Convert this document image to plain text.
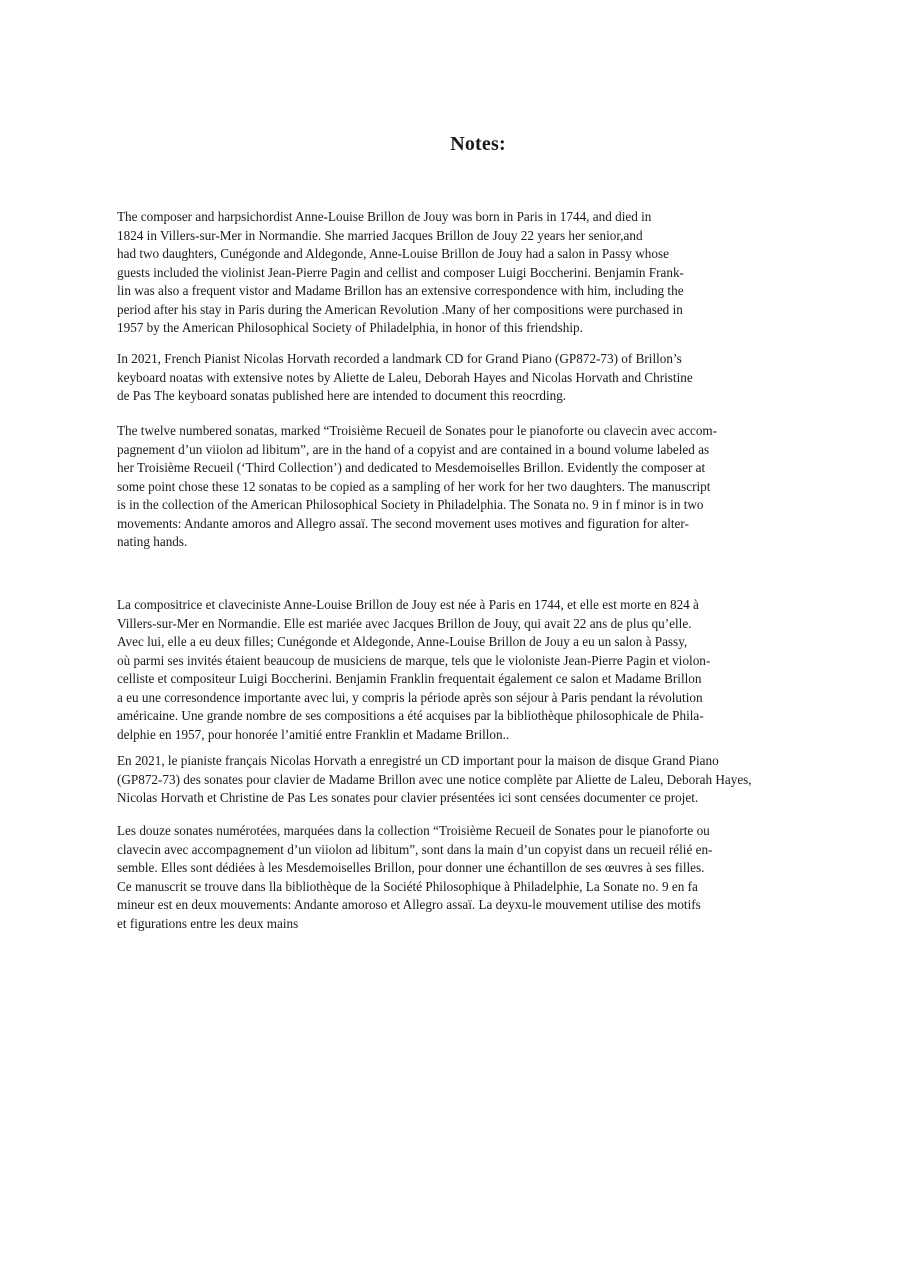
Notes:

The composer and harpsichordist Anne-Louise Brillon de Jouy was born in Paris in 1744, and died in
1824 in Villers-sur-Mer in Normandie. She married Jacques Brillon de Jouy 22 years her senior,and
had two daughters, Cunégonde and Aldegonde, Anne-Louise Brillon de Jouy had a salon in Passy whose
guests included the violinist Jean-Pierre Pagin and cellist and composer Luigi Boccherini. Benjamin Frank-
lin was also a frequent vistor and Madame Brillon has an extensive correspondence with him, including the
period after his stay in Paris during the American Revolution .Many of her compositions were purchased in
1957 by the American Philosophical Society of Philadelphia, in honor of this friendship.

In 2021, French Pianist Nicolas Horvath recorded a landmark CD for Grand Piano (GP872-73) of Brillon’s
keyboard noatas with extensive notes by Aliette de Laleu, Deborah Hayes and Nicolas Horvath and Christine
de Pas The keyboard sonatas published here are intended to document this reocrding.

The twelve numbered sonatas, marked “Troisième Recueil de Sonates pour le pianoforte ou clavecin avec accom-
pagnement d’un viiolon ad libitum”, are in the hand of a copyist and are contained in a bound volume labeled as
her Troisième Recueil (‘Third Collection’) and dedicated to Mesdemoiselles Brillon. Evidently the composer at
some point chose these 12 sonatas to be copied as a sampling of her work for her two daughters. The manuscript
is in the collection of the American Philosophical Society in Philadelphia. The Sonata no. 9 in f minor is in two
movements: Andante amoros and Allegro assaï. The second movement uses motives and figuration for alter-
nating hands.

La compositrice et claveciniste Anne-Louise Brillon de Jouy est née à Paris en 1744, et elle est morte en 824 à
Villers-sur-Mer en Normandie. Elle est mariée avec Jacques Brillon de Jouy, qui avait 22 ans de plus qu’elle.
Avec lui, elle a eu deux filles; Cunégonde et Aldegonde, Anne-Louise Brillon de Jouy a eu un salon à Passy,
où parmi ses invités étaient beaucoup de musiciens de marque, tels que le violoniste Jean-Pierre Pagin et violon-
celliste et compositeur Luigi Boccherini. Benjamin Franklin frequentait également ce salon et Madame Brillon
a eu une corresondence importante avec lui, y compris la période après son séjour à Paris pendant la révolution
américaine. Une grande nombre de ses compositions a été acquises par la bibliothèque philosophicale de Phila-
delphie en 1957, pour honorée l’amitié entre Franklin et Madame Brillon..

En 2021, le pianiste français Nicolas Horvath a enregistré un CD important pour la maison de disque Grand Piano
(GP872-73) des sonates pour clavier de Madame Brillon avec une notice complète par Aliette de Laleu, Deborah Hayes,
Nicolas Horvath et Christine de Pas Les sonates pour clavier présentées ici sont censées documenter ce projet.

Les douze sonates numérotées, marquées dans la collection “Troisième Recueil de Sonates pour le pianoforte ou
clavecin avec accompagnement d’un viiolon ad libitum”, sont dans la main d’un copyist dans un recueil rélié en-
semble. Elles sont dédiées à les Mesdemoiselles Brillon, pour donner une échantillon de ses œuvres à ses filles.
Ce manuscrit se trouve dans lla bibliothèque de la Société Philosophique à Philadelphie, La Sonate no. 9 en fa
mineur est en deux mouvements: Andante amoroso et Allegro assaï. La deyxu-le mouvement utilise des motifs
et figurations entre les deux mains
